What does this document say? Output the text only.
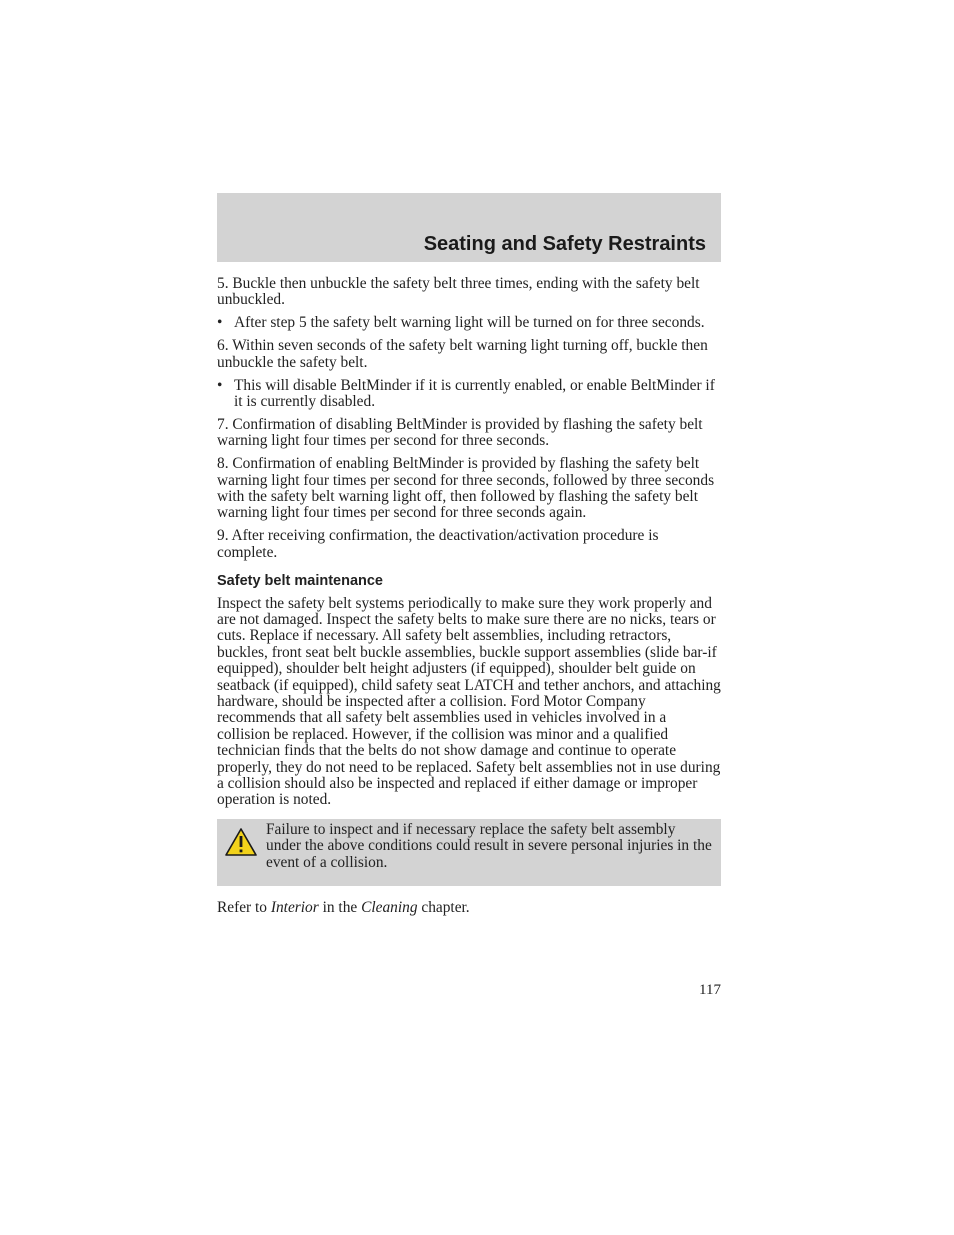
Seating and Safety Restraints

5. Buckle then unbuckle the safety belt three times, ending with the safety belt unbuckled.

• After step 5 the safety belt warning light will be turned on for three seconds.

6. Within seven seconds of the safety belt warning light turning off, buckle then unbuckle the safety belt.

• This will disable BeltMinder if it is currently enabled, or enable BeltMinder if it is currently disabled.

7. Confirmation of disabling BeltMinder is provided by flashing the safety belt warning light four times per second for three seconds.

8. Confirmation of enabling BeltMinder is provided by flashing the safety belt warning light four times per second for three seconds, followed by three seconds with the safety belt warning light off, then followed by flashing the safety belt warning light four times per second for three seconds again.

9. After receiving confirmation, the deactivation/activation procedure is complete.

Safety belt maintenance

Inspect the safety belt systems periodically to make sure they work properly and are not damaged. Inspect the safety belts to make sure there are no nicks, tears or cuts. Replace if necessary. All safety belt assemblies, including retractors, buckles, front seat belt buckle assemblies, buckle support assemblies (slide bar-if equipped), shoulder belt height adjusters (if equipped), shoulder belt guide on seatback (if equipped), child safety seat LATCH and tether anchors, and attaching hardware, should be inspected after a collision. Ford Motor Company recommends that all safety belt assemblies used in vehicles involved in a collision be replaced. However, if the collision was minor and a qualified technician finds that the belts do not show damage and continue to operate properly, they do not need to be replaced. Safety belt assemblies not in use during a collision should also be inspected and replaced if either damage or improper operation is noted.

Failure to inspect and if necessary replace the safety belt assembly under the above conditions could result in severe personal injuries in the event of a collision.

Refer to Interior in the Cleaning chapter.

117
